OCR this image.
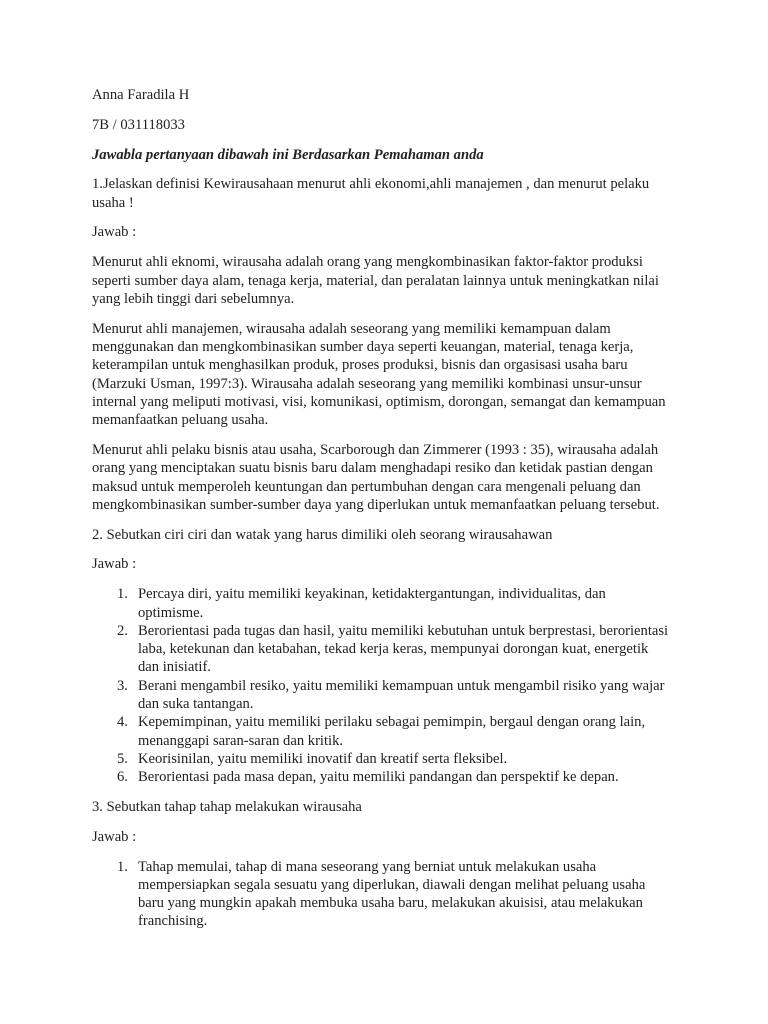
Anna Faradila H

7B / 031118033

Jawabla pertanyaan dibawah ini Berdasarkan Pemahaman anda

1.Jelaskan definisi Kewirausahaan menurut ahli ekonomi,ahli manajemen , dan menurut pelaku usaha !

Jawab :

Menurut ahli eknomi, wirausaha adalah orang yang mengkombinasikan faktor-faktor produksi seperti sumber daya alam, tenaga kerja, material, dan peralatan lainnya untuk meningkatkan nilai yang lebih tinggi dari sebelumnya.

Menurut ahli manajemen, wirausaha adalah seseorang yang memiliki kemampuan dalam menggunakan dan mengkombinasikan sumber daya seperti keuangan, material, tenaga kerja, keterampilan untuk menghasilkan produk, proses produksi, bisnis dan orgasisasi usaha baru (Marzuki Usman, 1997:3). Wirausaha adalah seseorang yang memiliki kombinasi unsur-unsur internal yang meliputi motivasi, visi, komunikasi, optimism, dorongan, semangat dan kemampuan memanfaatkan peluang usaha.

Menurut ahli pelaku bisnis atau usaha, Scarborough dan Zimmerer (1993 : 35), wirausaha adalah orang yang menciptakan suatu bisnis baru dalam menghadapi resiko dan ketidak pastian dengan maksud untuk memperoleh keuntungan dan pertumbuhan dengan cara mengenali peluang dan mengkombinasikan sumber-sumber daya yang diperlukan untuk memanfaatkan peluang tersebut.

2. Sebutkan ciri ciri dan watak yang harus dimiliki oleh seorang wirausahawan

Jawab :

1. Percaya diri, yaitu memiliki keyakinan, ketidaktergantungan, individualitas, dan optimisme.
2. Berorientasi pada tugas dan hasil, yaitu memiliki kebutuhan untuk berprestasi, berorientasi laba, ketekunan dan ketabahan, tekad kerja keras, mempunyai dorongan kuat, energetik dan inisiatif.
3. Berani mengambil resiko, yaitu memiliki kemampuan untuk mengambil risiko yang wajar dan suka tantangan.
4. Kepemimpinan, yaitu memiliki perilaku sebagai pemimpin, bergaul dengan orang lain, menanggapi saran-saran dan kritik.
5. Keorisinilan, yaitu memiliki inovatif dan kreatif serta fleksibel.
6. Berorientasi pada masa depan, yaitu memiliki pandangan dan perspektif ke depan.

3. Sebutkan tahap tahap melakukan wirausaha

Jawab :

1. Tahap memulai, tahap di mana seseorang yang berniat untuk melakukan usaha mempersiapkan segala sesuatu yang diperlukan, diawali dengan melihat peluang usaha baru yang mungkin apakah membuka usaha baru, melakukan akuisisi, atau melakukan franchising.
